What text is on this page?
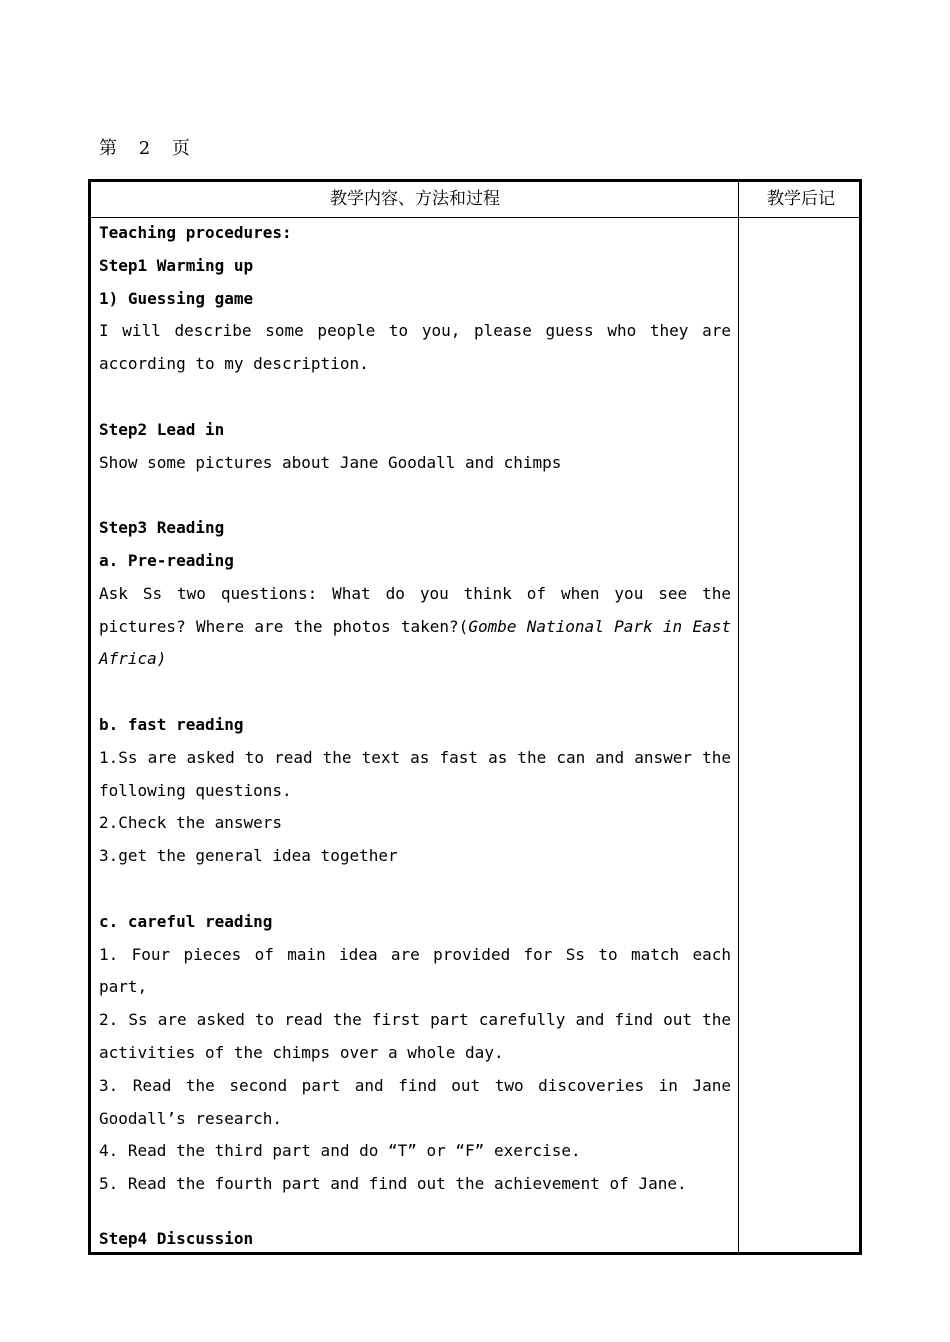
第 2 页
教学内容、方法和过程	教学后记
Teaching procedures:
Step1 Warming up
1) Guessing game
I will describe some people to you, please guess who they are
according to my description.
Step2 Lead in
Show some pictures about Jane Goodall and chimps
Step3 Reading
a. Pre-reading
Ask Ss two questions: What do you think of when you see the
pictures? Where are the photos taken?(Gombe National Park in East
Africa)
b. fast reading
1.Ss are asked to read the text as fast as the can and answer the
following questions.
2.Check the answers
3.get the general idea together
c. careful reading
1. Four pieces of main idea are provided for Ss to match each
part,
2. Ss are asked to read the first part carefully and find out the
activities of the chimps over a whole day.
3. Read the second part and find out two discoveries in Jane
Goodall’s research.
4. Read the third part and do “T” or “F” exercise.
5. Read the fourth part and find out the achievement of Jane.
Step4 Discussion
